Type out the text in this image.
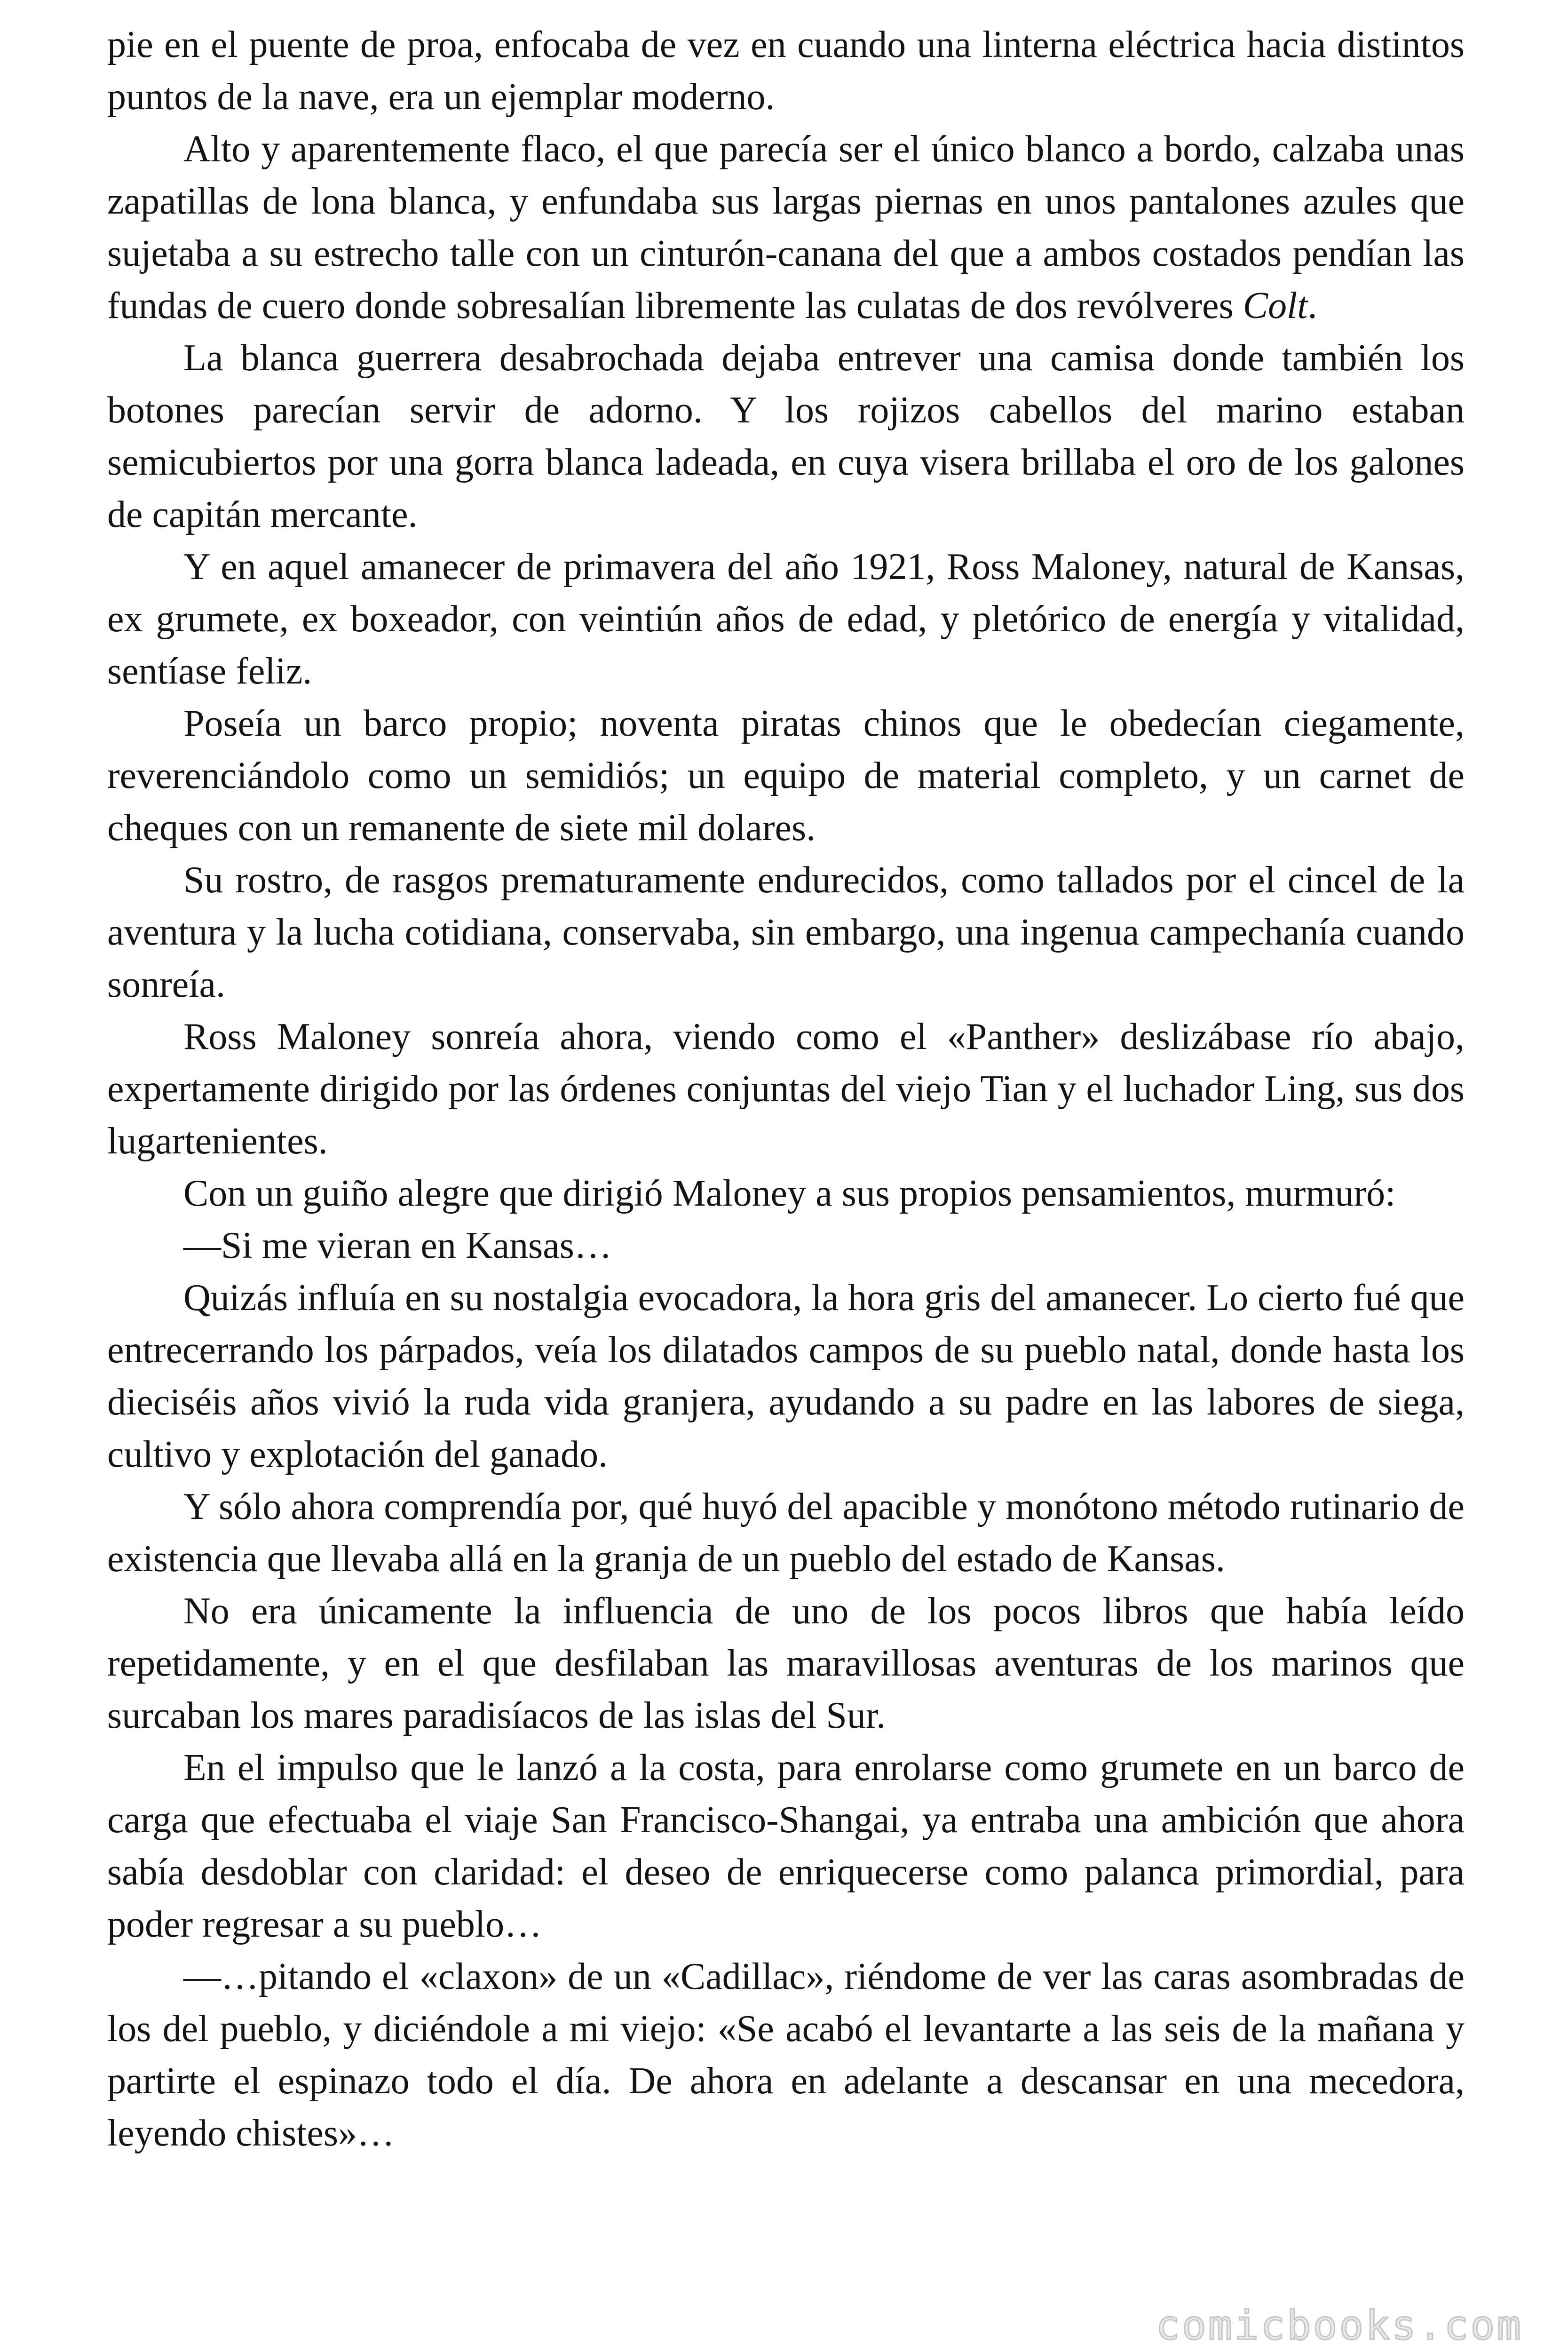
pie en el puente de proa, enfocaba de vez en cuando una linterna eléctrica hacia distintos puntos de la nave, era un ejemplar moderno.

Alto y aparentemente flaco, el que parecía ser el único blanco a bordo, calzaba unas zapatillas de lona blanca, y enfundaba sus largas piernas en unos pantalones azules que sujetaba a su estrecho talle con un cinturón-canana del que a ambos costados pendían las fundas de cuero donde sobresalían libremente las culatas de dos revólveres Colt.

La blanca guerrera desabrochada dejaba entrever una camisa donde también los botones parecían servir de adorno. Y los rojizos cabellos del marino estaban semicubiertos por una gorra blanca ladeada, en cuya visera brillaba el oro de los galones de capitán mercante.

Y en aquel amanecer de primavera del año 1921, Ross Maloney, natural de Kansas, ex grumete, ex boxeador, con veintiún años de edad, y pletórico de energía y vitalidad, sentíase feliz.

Poseía un barco propio; noventa piratas chinos que le obedecían ciegamente, reverenciándolo como un semidiós; un equipo de material completo, y un carnet de cheques con un remanente de siete mil dolares.

Su rostro, de rasgos prematuramente endurecidos, como tallados por el cincel de la aventura y la lucha cotidiana, conservaba, sin embargo, una ingenua campechanía cuando sonreía.

Ross Maloney sonreía ahora, viendo como el «Panther» deslizábase río abajo, expertamente dirigido por las órdenes conjuntas del viejo Tian y el luchador Ling, sus dos lugartenientes.

Con un guiño alegre que dirigió Maloney a sus propios pensamientos, murmuró:

—Si me vieran en Kansas…

Quizás influía en su nostalgia evocadora, la hora gris del amanecer. Lo cierto fué que entrecerrando los párpados, veía los dilatados campos de su pueblo natal, donde hasta los dieciséis años vivió la ruda vida granjera, ayudando a su padre en las labores de siega, cultivo y explotación del ganado.

Y sólo ahora comprendía por, qué huyó del apacible y monótono método rutinario de existencia que llevaba allá en la granja de un pueblo del estado de Kansas.

No era únicamente la influencia de uno de los pocos libros que había leído repetidamente, y en el que desfilaban las maravillosas aventuras de los marinos que surcaban los mares paradisíacos de las islas del Sur.

En el impulso que le lanzó a la costa, para enrolarse como grumete en un barco de carga que efectuaba el viaje San Francisco-Shangai, ya entraba una ambición que ahora sabía desdoblar con claridad: el deseo de enriquecerse como palanca primordial, para poder regresar a su pueblo…

—…pitando el «claxon» de un «Cadillac», riéndome de ver las caras asombradas de los del pueblo, y diciéndole a mi viejo: «Se acabó el levantarte a las seis de la mañana y partirte el espinazo todo el día. De ahora en adelante a descansar en una mecedora, leyendo chistes»…

comicbooks.com
